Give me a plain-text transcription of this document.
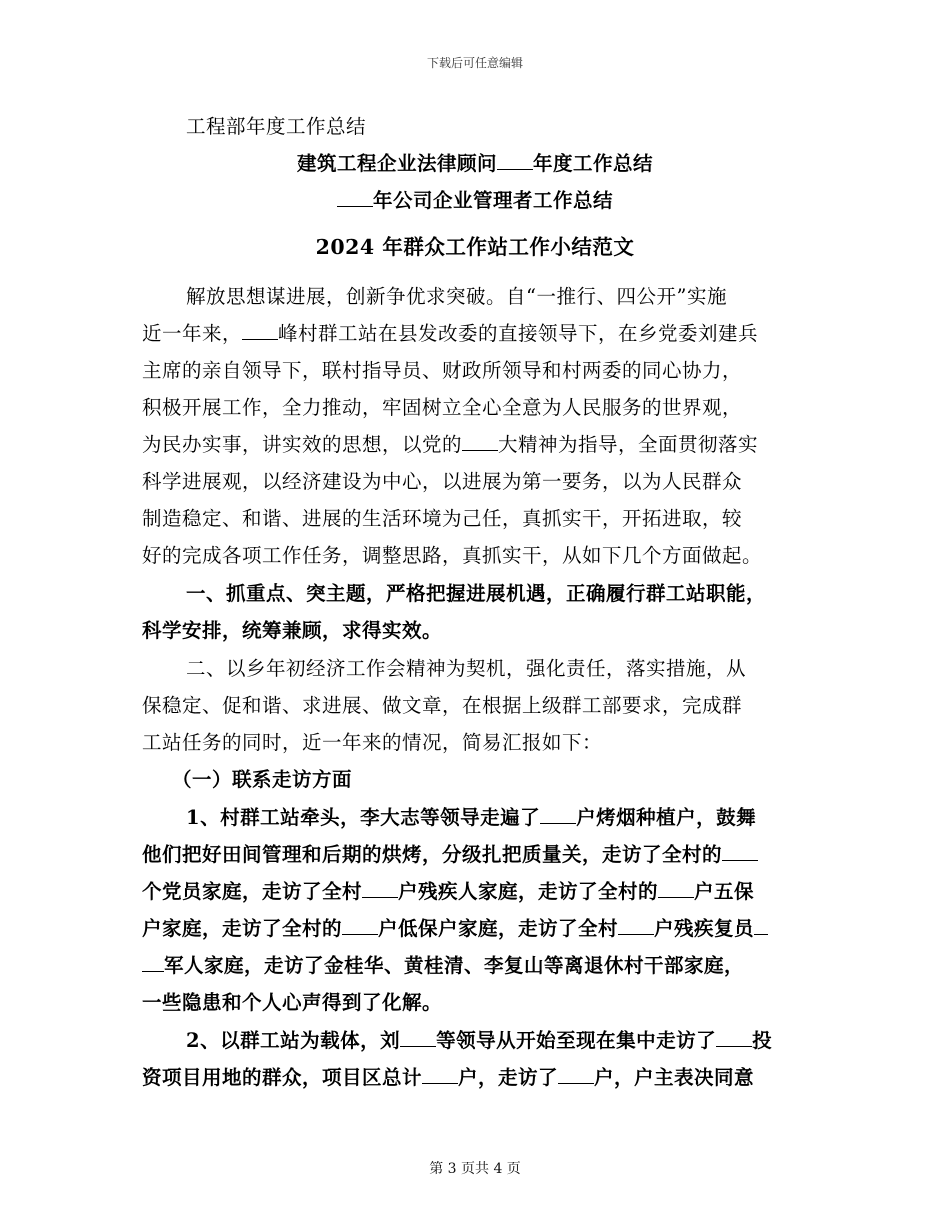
下载后可任意编辑
工程部年度工作总结
建筑工程企业法律顾问 年度工作总结
年公司企业管理者工作总结
2024 年群众工作站工作小结范文
解放思想谋进展，创新争优求突破。自“一推行、四公开”实施
近一年来， 峰村群工站在县发改委的直接领导下，在乡党委刘建兵
主席的亲自领导下，联村指导员、财政所领导和村两委的同心协力，
积极开展工作，全力推动，牢固树立全心全意为人民服务的世界观，
为民办实事，讲实效的思想，以党的 大精神为指导，全面贯彻落实
科学进展观，以经济建设为中心，以进展为第一要务，以为人民群众
制造稳定、和谐、进展的生活环境为己任，真抓实干，开拓进取，较
好的完成各项工作任务，调整思路，真抓实干，从如下几个方面做起。
一、抓重点、突主题，严格把握进展机遇，正确履行群工站职能，
科学安排，统筹兼顾，求得实效。
二、以乡年初经济工作会精神为契机，强化责任，落实措施，从
保稳定、促和谐、求进展、做文章，在根据上级群工部要求，完成群
工站任务的同时，近一年来的情况，简易汇报如下：
（一）联系走访方面
1、村群工站牵头，李大志等领导走遍了 户烤烟种植户，鼓舞
他们把好田间管理和后期的烘烤，分级扎把质量关，走访了全村的
个党员家庭，走访了全村 户残疾人家庭，走访了全村的 户五保
户家庭，走访了全村的 户低保户家庭，走访了全村 户残疾复员
军人家庭，走访了金桂华、黄桂清、李复山等离退休村干部家庭，
一些隐患和个人心声得到了化解。
2、以群工站为载体，刘 等领导从开始至现在集中走访了 投
资项目用地的群众，项目区总计 户，走访了 户，户主表决同意
第 3 页共 4 页
